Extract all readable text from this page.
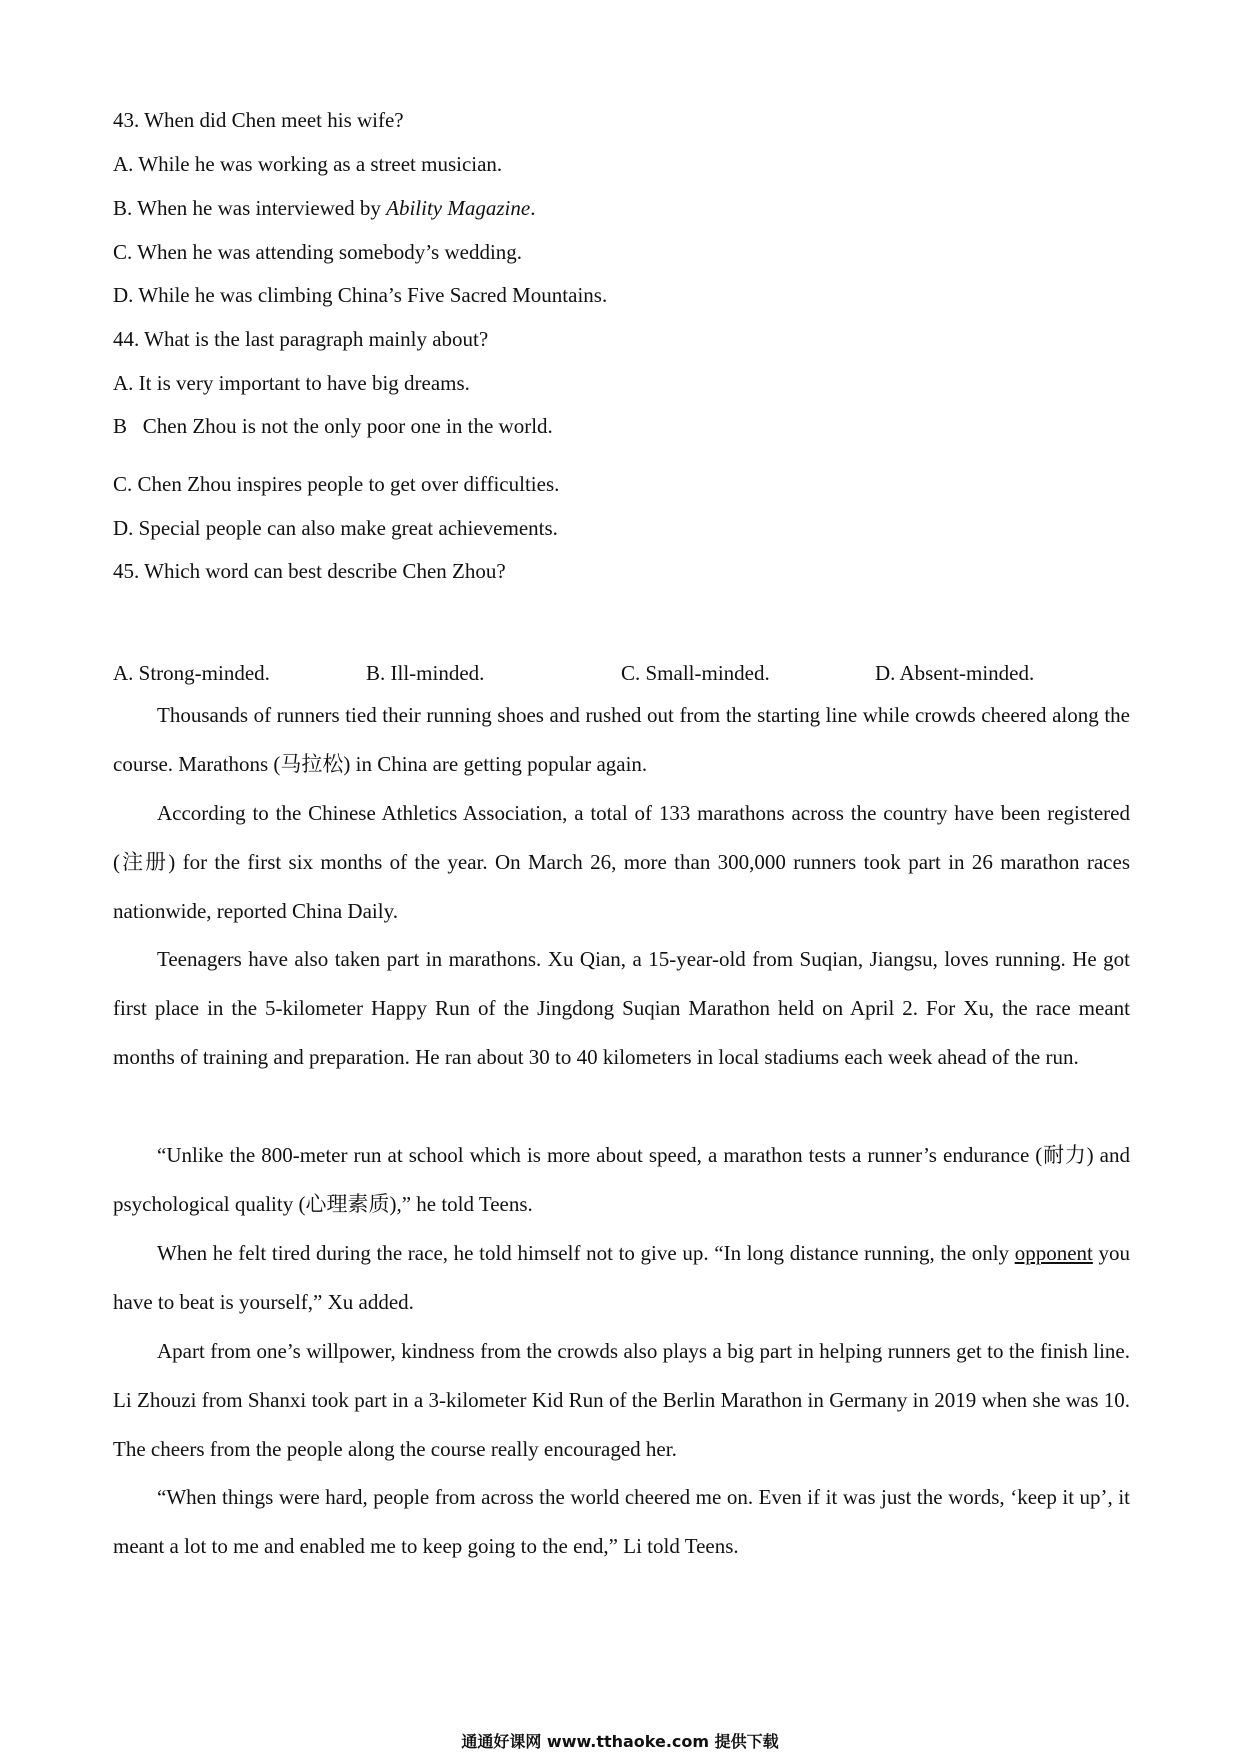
43. When did Chen meet his wife?
A. While he was working as a street musician.
B. When he was interviewed by Ability Magazine.
C. When he was attending somebody’s wedding.
D. While he was climbing China’s Five Sacred Mountains.
44. What is the last paragraph mainly about?
A. It is very important to have big dreams.
B   Chen Zhou is not the only poor one in the world.
C. Chen Zhou inspires people to get over difficulties.
D. Special people can also make great achievements.
45. Which word can best describe Chen Zhou?
A. Strong-minded.	B. Ill-minded.	C. Small-minded.	D. Absent-minded.
Thousands of runners tied their running shoes and rushed out from the starting line while crowds cheered along the course. Marathons (马拉松) in China are getting popular again.
According to the Chinese Athletics Association, a total of 133 marathons across the country have been registered (注册) for the first six months of the year. On March 26, more than 300,000 runners took part in 26 marathon races nationwide, reported China Daily.
Teenagers have also taken part in marathons. Xu Qian, a 15-year-old from Suqian, Jiangsu, loves running. He got first place in the 5-kilometer Happy Run of the Jingdong Suqian Marathon held on April 2. For Xu, the race meant months of training and preparation. He ran about 30 to 40 kilometers in local stadiums each week ahead of the run.
“Unlike the 800-meter run at school which is more about speed, a marathon tests a runner’s endurance (耐力) and psychological quality (心理素质),” he told Teens.
When he felt tired during the race, he told himself not to give up. “In long distance running, the only opponent you have to beat is yourself,” Xu added.
Apart from one’s willpower, kindness from the crowds also plays a big part in helping runners get to the finish line. Li Zhouzi from Shanxi took part in a 3-kilometer Kid Run of the Berlin Marathon in Germany in 2019 when she was 10. The cheers from the people along the course really encouraged her.
“When things were hard, people from across the world cheered me on. Even if it was just the words, ‘keep it up’, it meant a lot to me and enabled me to keep going to the end,” Li told Teens.
通通好课网 www.tthaoke.com 提供下载
